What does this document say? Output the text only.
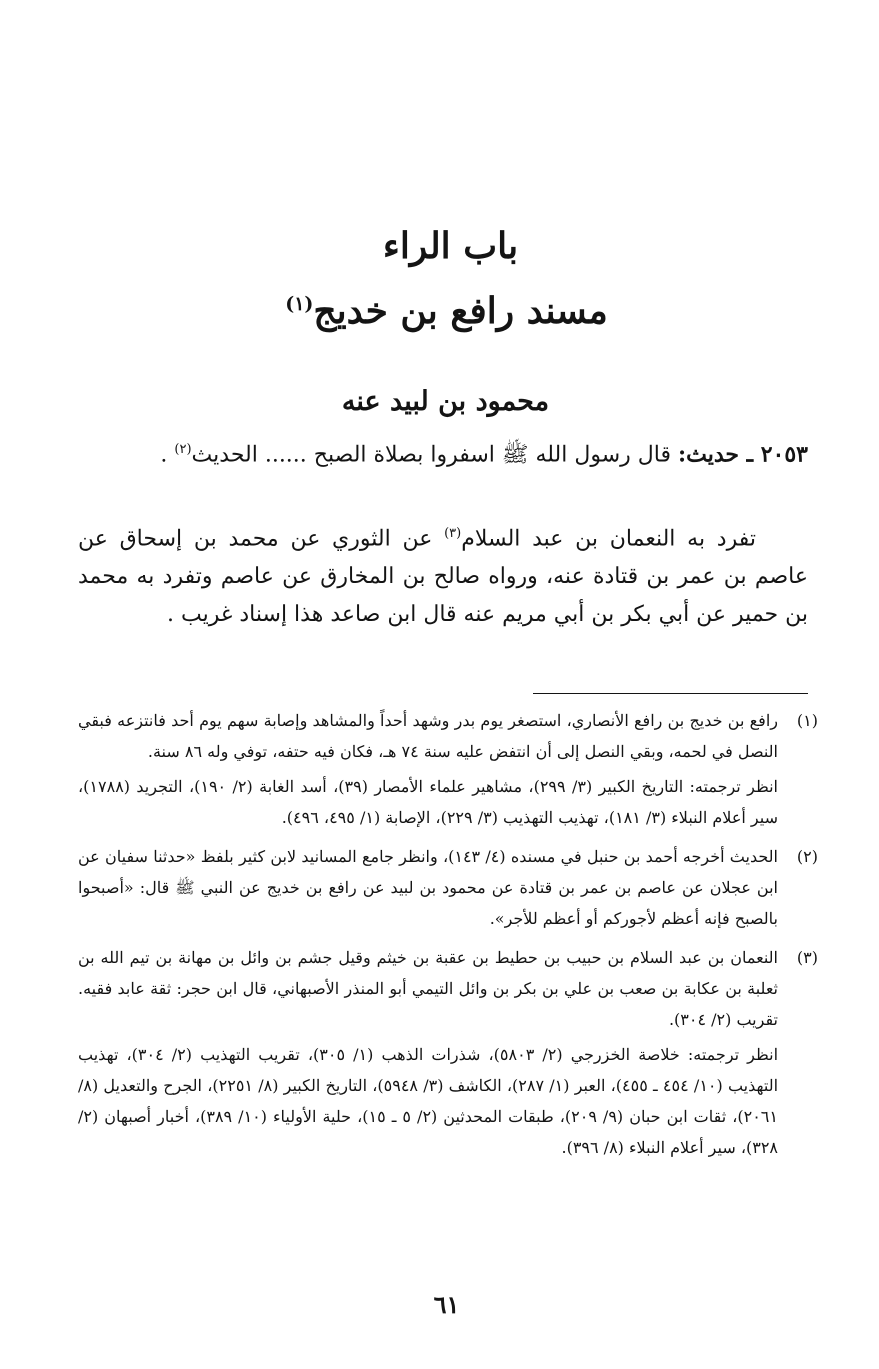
باب الراء
مسند رافع بن خديج$^{(١)}$
محمود بن لبيد عنه
٢٠٥٣ ـ حديث: قال رسول الله ﷺ اسفروا بصلاة الصبح ...... الحديث$^{(٢)}$ .
تفرد به النعمان بن عبد السلام$^{(٣)}$ عن الثوري عن محمد بن إسحاق عن عاصم بن عمر بن قتادة عنه، ورواه صالح بن المخارق عن عاصم وتفرد به محمد بن حمير عن أبي بكر بن أبي مريم عنه قال ابن صاعد هذا إسناد غريب .
(١)

رافع بن خديج بن رافع الأنصاري، استصغر يوم بدر وشهد أحداً والمشاهد وإصابة سهم يوم أحد فانتزعه فبقي النصل في لحمه، وبقي النصل إلى أن انتفض عليه سنة ٧٤ هـ، فكان فيه حتفه، توفي وله ٨٦ سنة.

انظر ترجمته: التاريخ الكبير (٣/ ٢٩٩)، مشاهير علماء الأمصار (٣٩)، أسد الغابة (٢/ ١٩٠)، التجريد (١٧٨٨)، سير أعلام النبلاء (٣/ ١٨١)، تهذيب التهذيب (٣/ ٢٢٩)، الإصابة (١/ ٤٩٥، ٤٩٦).

(٢)

الحديث أخرجه أحمد بن حنبل في مسنده (٤/ ١٤٣)، وانظر جامع المسانيد لابن كثير بلفظ «حدثنا سفيان عن ابن عجلان عن عاصم بن عمر بن قتادة عن محمود بن لبيد عن رافع بن خديج عن النبي ﷺ قال: «أصبحوا بالصبح فإنه أعظم لأجوركم أو أعظم للأجر».

(٣)

النعمان بن عبد السلام بن حبيب بن حطيط بن عقبة بن خيثم وقيل جشم بن وائل بن مهانة بن تيم الله بن ثعلبة بن عكابة بن صعب بن علي بن بكر بن وائل التيمي أبو المنذر الأصبهاني، قال ابن حجر: ثقة عابد فقيه. تقريب (٢/ ٣٠٤).

انظر ترجمته: خلاصة الخزرجي (٢/ ٥٨٠٣)، شذرات الذهب (١/ ٣٠٥)، تقريب التهذيب (٢/ ٣٠٤)، تهذيب التهذيب (١٠/ ٤٥٤ ـ ٤٥٥)، العبر (١/ ٢٨٧)، الكاشف (٣/ ٥٩٤٨)، التاريخ الكبير (٨/ ٢٢٥١)، الجرح والتعديل (٨/ ٢٠٦١)، ثقات ابن حبان (٩/ ٢٠٩)، طبقات المحدثين (٢/ ٥ ـ ١٥)، حلية الأولياء (١٠/ ٣٨٩)، أخبار أصبهان (٢/ ٣٢٨)، سير أعلام النبلاء (٨/ ٣٩٦).

٦١
